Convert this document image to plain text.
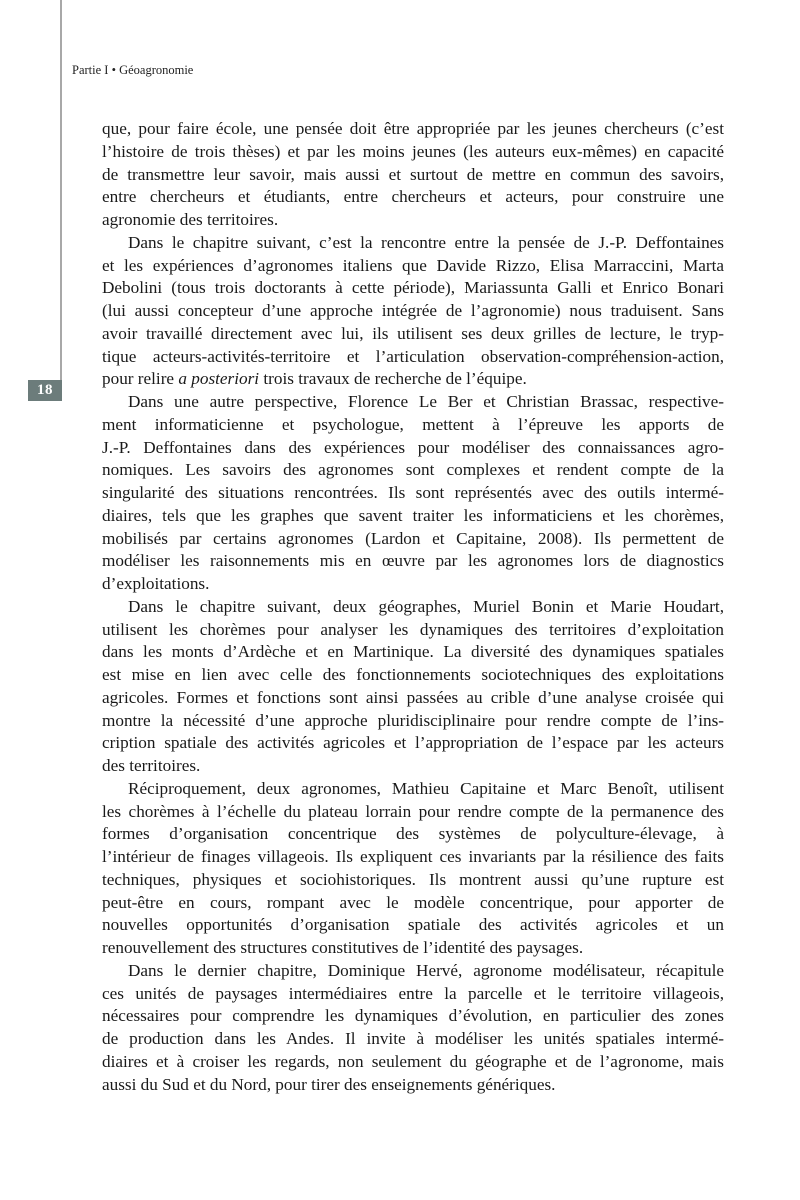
Partie I • Géoagronomie
18
que, pour faire école, une pensée doit être appropriée par les jeunes chercheurs (c’est
l’histoire de trois thèses) et par les moins jeunes (les auteurs eux-mêmes) en capacité
de transmettre leur savoir, mais aussi et surtout de mettre en commun des savoirs,
entre chercheurs et étudiants, entre chercheurs et acteurs, pour construire une
agronomie des territoires.
Dans le chapitre suivant, c’est la rencontre entre la pensée de J.-P. Deffontaines
et les expériences d’agronomes italiens que Davide Rizzo, Elisa Marraccini, Marta
Debolini (tous trois doctorants à cette période), Mariassunta Galli et Enrico Bonari
(lui aussi concepteur d’une approche intégrée de l’agronomie) nous traduisent. Sans
avoir travaillé directement avec lui, ils utilisent ses deux grilles de lecture, le tryp-
tique acteurs-activités-territoire et l’articulation observation-compréhension-action,
pour relire a posteriori trois travaux de recherche de l’équipe.
Dans une autre perspective, Florence Le Ber et Christian Brassac, respective-
ment informaticienne et psychologue, mettent à l’épreuve les apports de
J.-P. Deffontaines dans des expériences pour modéliser des connaissances agro-
nomiques. Les savoirs des agronomes sont complexes et rendent compte de la
singularité des situations rencontrées. Ils sont représentés avec des outils intermé-
diaires, tels que les graphes que savent traiter les informaticiens et les chorèmes,
mobilisés par certains agronomes (Lardon et Capitaine, 2008). Ils permettent de
modéliser les raisonnements mis en œuvre par les agronomes lors de diagnostics
d’exploitations.
Dans le chapitre suivant, deux géographes, Muriel Bonin et Marie Houdart,
utilisent les chorèmes pour analyser les dynamiques des territoires d’exploitation
dans les monts d’Ardèche et en Martinique. La diversité des dynamiques spatiales
est mise en lien avec celle des fonctionnements sociotechniques des exploitations
agricoles. Formes et fonctions sont ainsi passées au crible d’une analyse croisée qui
montre la nécessité d’une approche pluridisciplinaire pour rendre compte de l’ins-
cription spatiale des activités agricoles et l’appropriation de l’espace par les acteurs
des territoires.
Réciproquement, deux agronomes, Mathieu Capitaine et Marc Benoît, utilisent
les chorèmes à l’échelle du plateau lorrain pour rendre compte de la permanence des
formes d’organisation concentrique des systèmes de polyculture-élevage, à
l’intérieur de finages villageois. Ils expliquent ces invariants par la résilience des faits
techniques, physiques et sociohistoriques. Ils montrent aussi qu’une rupture est
peut-être en cours, rompant avec le modèle concentrique, pour apporter de
nouvelles opportunités d’organisation spatiale des activités agricoles et un
renouvellement des structures constitutives de l’identité des paysages.
Dans le dernier chapitre, Dominique Hervé, agronome modélisateur, récapitule
ces unités de paysages intermédiaires entre la parcelle et le territoire villageois,
nécessaires pour comprendre les dynamiques d’évolution, en particulier des zones
de production dans les Andes. Il invite à modéliser les unités spatiales intermé-
diaires et à croiser les regards, non seulement du géographe et de l’agronome, mais
aussi du Sud et du Nord, pour tirer des enseignements génériques.
